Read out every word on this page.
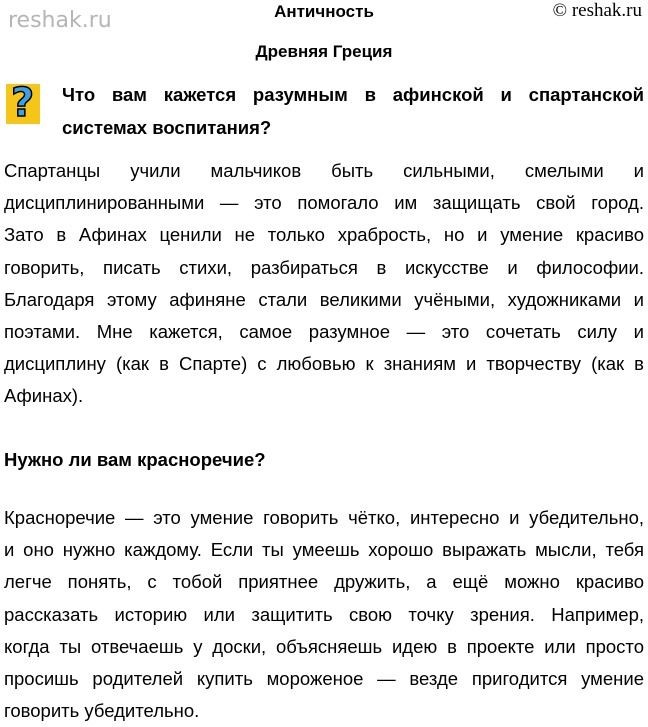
reshak.ru	Античность	© reshak.ru
Древняя Греция
? Что вам кажется разумным в афинской и спартанской
системах воспитания?
Спартанцы учили мальчиков быть сильными, смелыми и
дисциплинированными — это помогало им защищать свой город.
Зато в Афинах ценили не только храбрость, но и умение красиво
говорить, писать стихи, разбираться в искусстве и философии.
Благодаря этому афиняне стали великими учёными, художниками и
поэтами. Мне кажется, самое разумное — это сочетать силу и
дисциплину (как в Спарте) с любовью к знаниям и творчеству (как в
Афинах).
Нужно ли вам красноречие?
Красноречие — это умение говорить чётко, интересно и убедительно,
и оно нужно каждому. Если ты умеешь хорошо выражать мысли, тебя
легче понять, с тобой приятнее дружить, а ещё можно красиво
рассказать историю или защитить свою точку зрения. Например,
когда ты отвечаешь у доски, объясняешь идею в проекте или просто
просишь родителей купить мороженое — везде пригодится умение
говорить убедительно.
